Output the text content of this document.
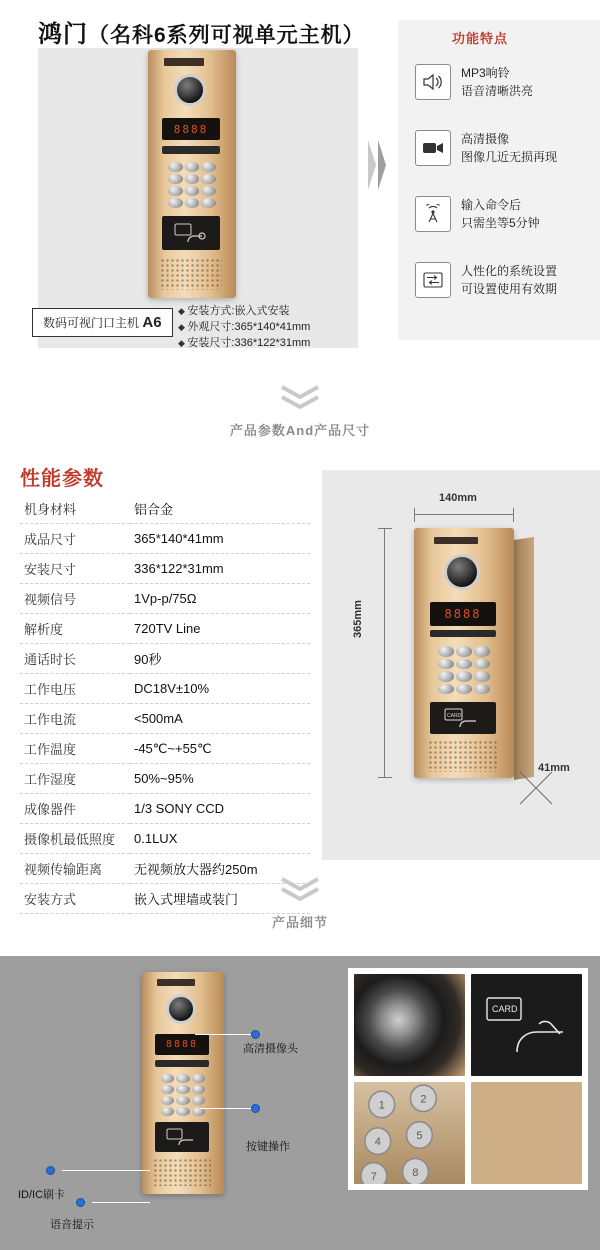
鸿门（名科6系列可视单元主机）
8888
功能特点
MP3响铃
语音清晰洪亮
高清摄像
图像几近无损再现
输入命令后
只需坐等5分钟
人性化的系统设置
可设置使用有效期
数码可视门口主机 A6
◆ 安装方式:嵌入式安装
◆ 外观尺寸:365*140*41mm
◆ 安装尺寸:336*122*31mm
产品参数And产品尺寸
性能参数
机身材料	铝合金
成品尺寸	365*140*41mm
安装尺寸	336*122*31mm
视频信号	1Vp-p/75Ω
解析度	720TV Line
通话时长	90秒
工作电压	DC18V±10%
工作电流	<500mA
工作温度	-45℃~+55℃
工作湿度	50%~95%
成像器件	1/3 SONY CCD
摄像机最低照度	0.1LUX
视频传输距离	无视频放大器约250m
安装方式	嵌入式埋墙或装门
140mm
365mm
41mm
8888
CARD
产品细节
8888	高清摄像头
按键操作
ID/IC刷卡
语音提示
CARD
1
2
4
5
7	8
